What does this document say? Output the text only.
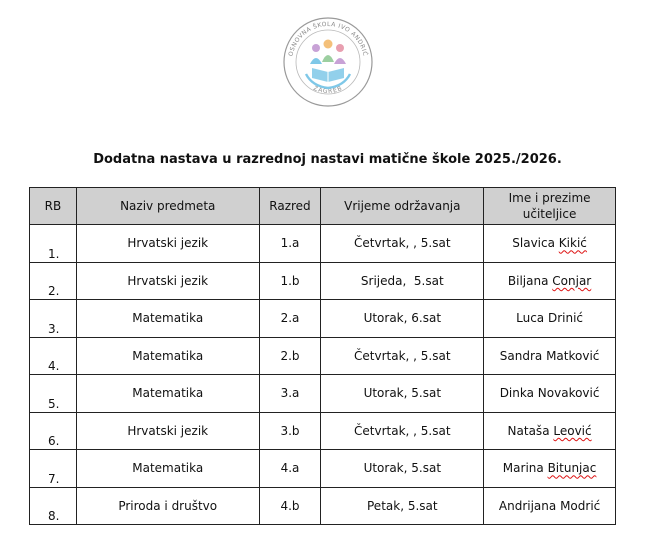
OSNOVNA ŠKOLA IVO ANDRIĆ
ZAGREB
Dodatna nastava u razrednoj nastavi matične škole 2025./2026.
RB	Naziv predmeta	Razred	Vrijeme održavanja	Ime i prezime učiteljice
1.	Hrvatski jezik	1.a	Četvrtak, , 5.sat	Slavica Kikić
2.	Hrvatski jezik	1.b	Srijeda,  5.sat	Biljana Conjar
3.	Matematika	2.a	Utorak, 6.sat	Luca Drinić
4.	Matematika	2.b	Četvrtak, , 5.sat	Sandra Matković
5.	Matematika	3.a	Utorak, 5.sat	Dinka Novaković
6.	Hrvatski jezik	3.b	Četvrtak, , 5.sat	Nataša Leović
7.	Matematika	4.a	Utorak, 5.sat	Marina Bitunjac
8.	Priroda i društvo	4.b	Petak, 5.sat	Andrijana Modrić
